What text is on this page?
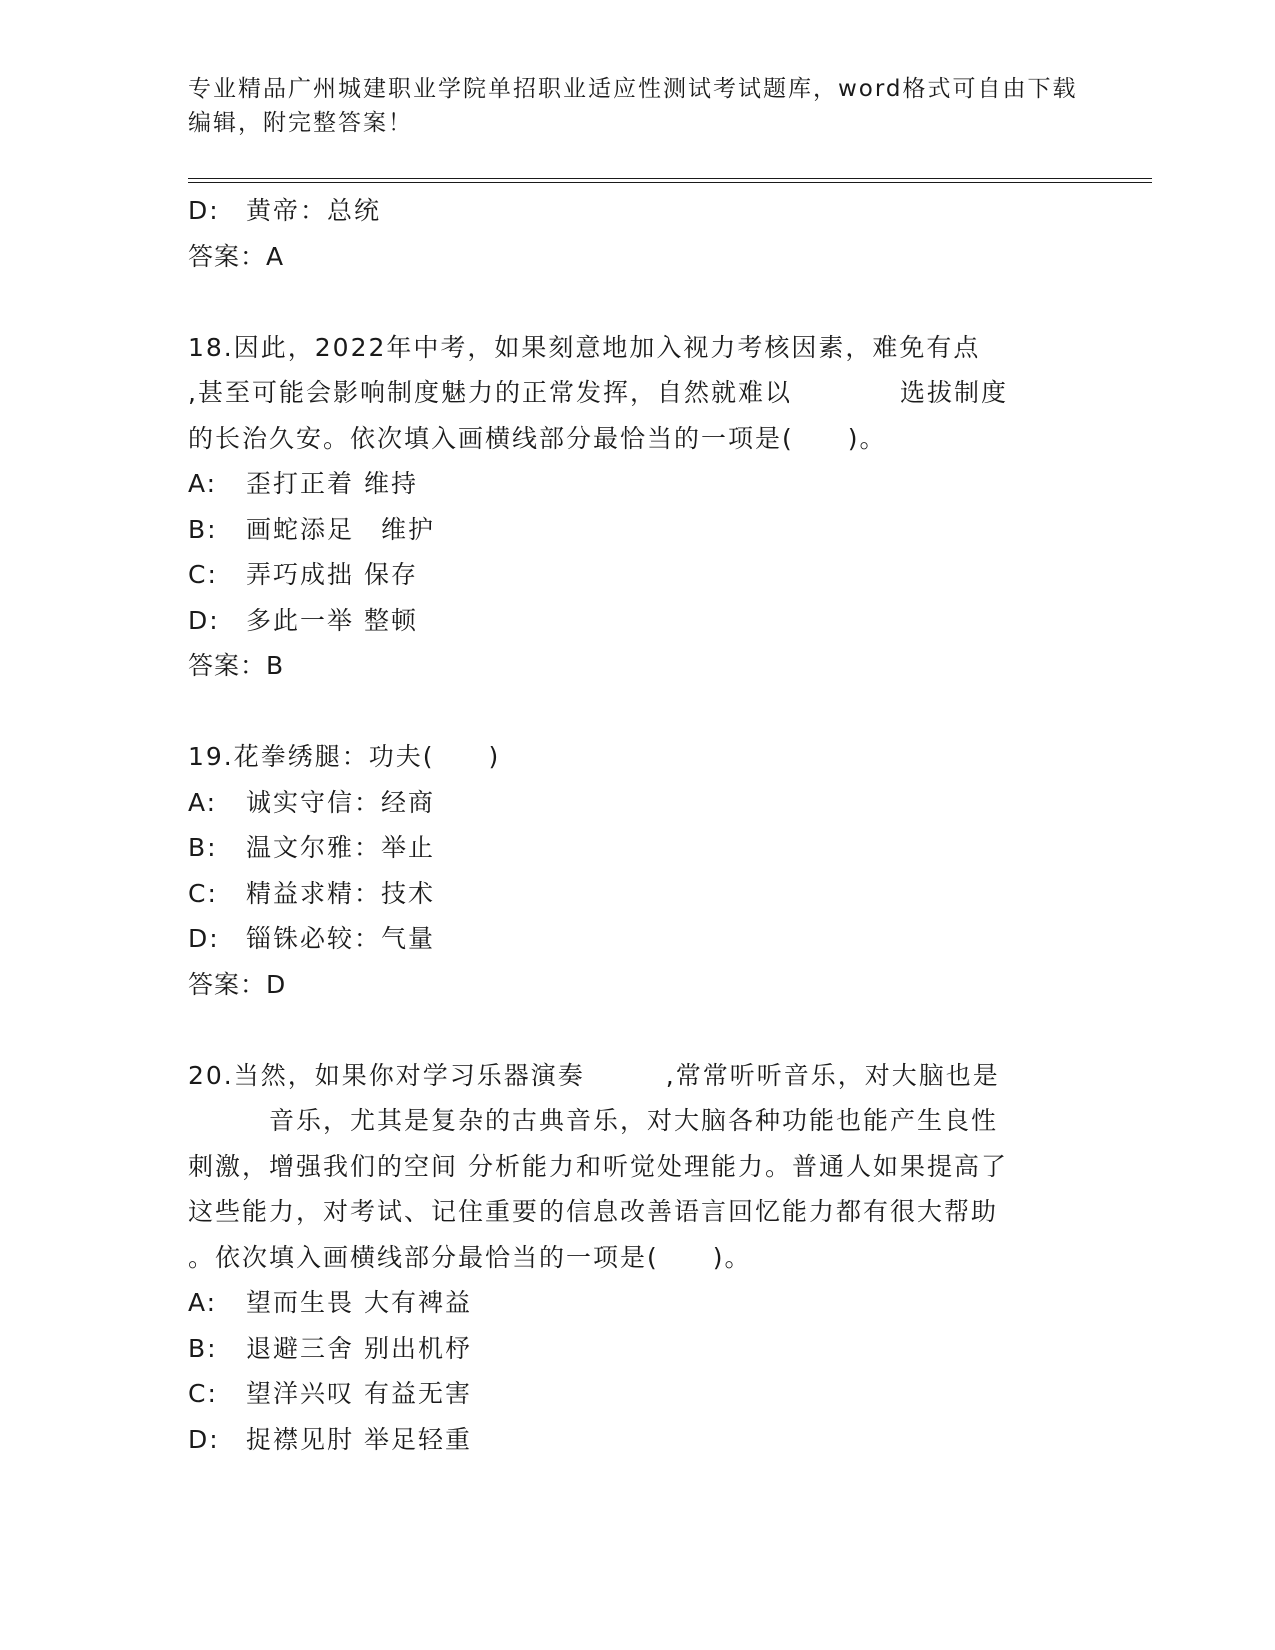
专业精品广州城建职业学院单招职业适应性测试考试题库，word格式可自由下载
编辑，附完整答案！
D: 黄帝：总统
答案：A
18.因此，2022年中考，如果刻意地加入视力考核因素，难免有点
,甚至可能会影响制度魅力的正常发挥，自然就难以　　　　选拔制度
的长治久安。依次填入画横线部分最恰当的一项是(　　)。
A: 歪打正着 维持
B: 画蛇添足　维护
C: 弄巧成拙 保存
D: 多此一举 整顿
答案：B
19.花拳绣腿：功夫(　　)
A: 诚实守信：经商
B: 温文尔雅：举止
C: 精益求精：技术
D: 锱铢必较：气量
答案：D
20.当然，如果你对学习乐器演奏　　　,常常听听音乐，对大脑也是
　　　音乐，尤其是复杂的古典音乐，对大脑各种功能也能产生良性
刺激，增强我们的空间 分析能力和听觉处理能力。普通人如果提高了
这些能力，对考试、记住重要的信息改善语言回忆能力都有很大帮助
。依次填入画横线部分最恰当的一项是(　　)。
A: 望而生畏 大有裨益
B: 退避三舍 别出机杼
C: 望洋兴叹 有益无害
D: 捉襟见肘 举足轻重
